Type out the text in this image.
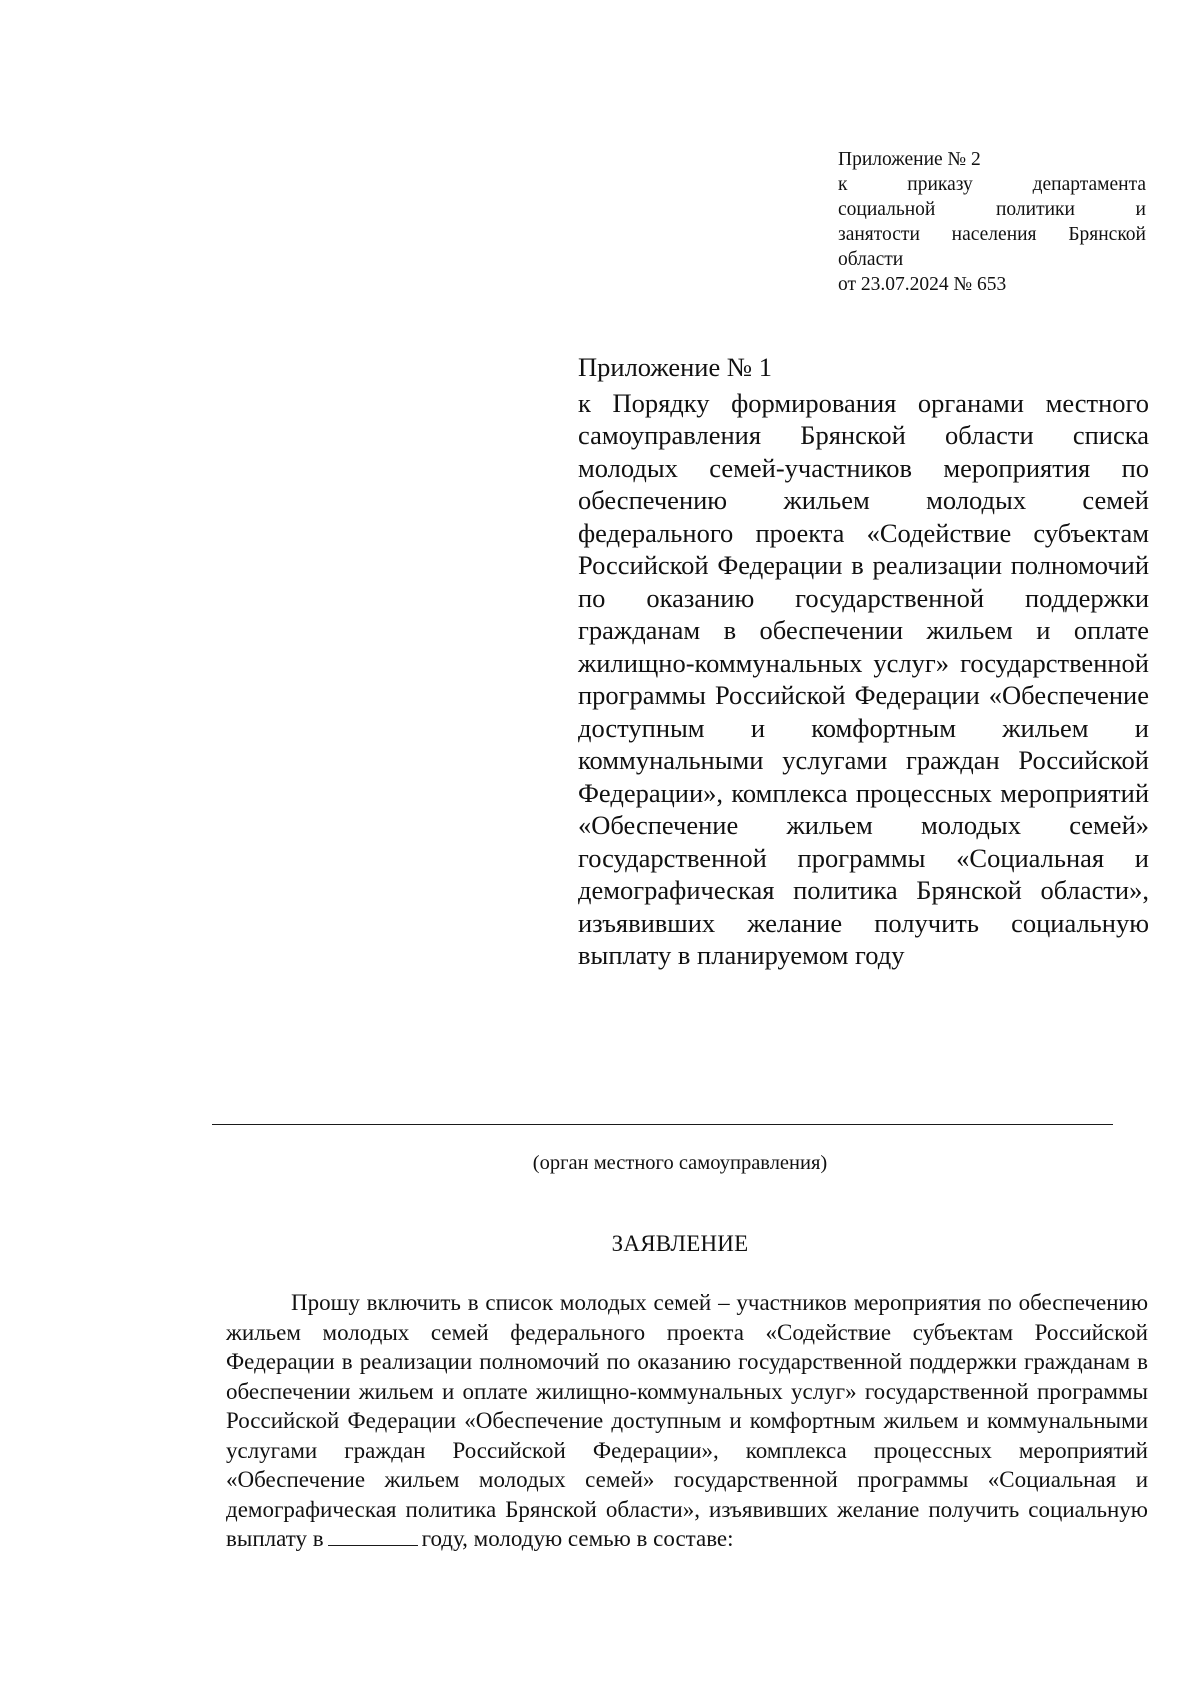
Приложение № 2
к приказу департамента
социальной политики и
занятости населения Брянской
области
от 23.07.2024 № 653
Приложение № 1
к Порядку формирования органами местного самоуправления Брянской области списка молодых семей-участников мероприятия по обеспечению жильем молодых семей федерального проекта «Содействие субъектам Российской Федерации в реализации полномочий по оказанию государственной поддержки гражданам в обеспечении жильем и оплате жилищно-коммунальных услуг» государственной программы Российской Федерации «Обеспечение доступным и комфортным жильем и коммунальными услугами граждан Российской Федерации», комплекса процессных мероприятий «Обеспечение жильем молодых семей» государственной программы «Социальная и демографическая политика Брянской области», изъявивших желание получить социальную выплату в планируемом году
(орган местного самоуправления)
ЗАЯВЛЕНИЕ
Прошу включить в список молодых семей – участников мероприятия по обеспечению жильем молодых семей федерального проекта «Содействие субъектам Российской Федерации в реализации полномочий по оказанию государственной поддержки гражданам в обеспечении жильем и оплате жилищно-коммунальных услуг» государственной программы Российской Федерации «Обеспечение доступным и комфортным жильем и коммунальными услугами граждан Российской Федерации», комплекса процессных мероприятий «Обеспечение жильем молодых семей» государственной программы «Социальная и демографическая политика Брянской области», изъявивших желание получить социальную выплату в	году, молодую семью в составе:
